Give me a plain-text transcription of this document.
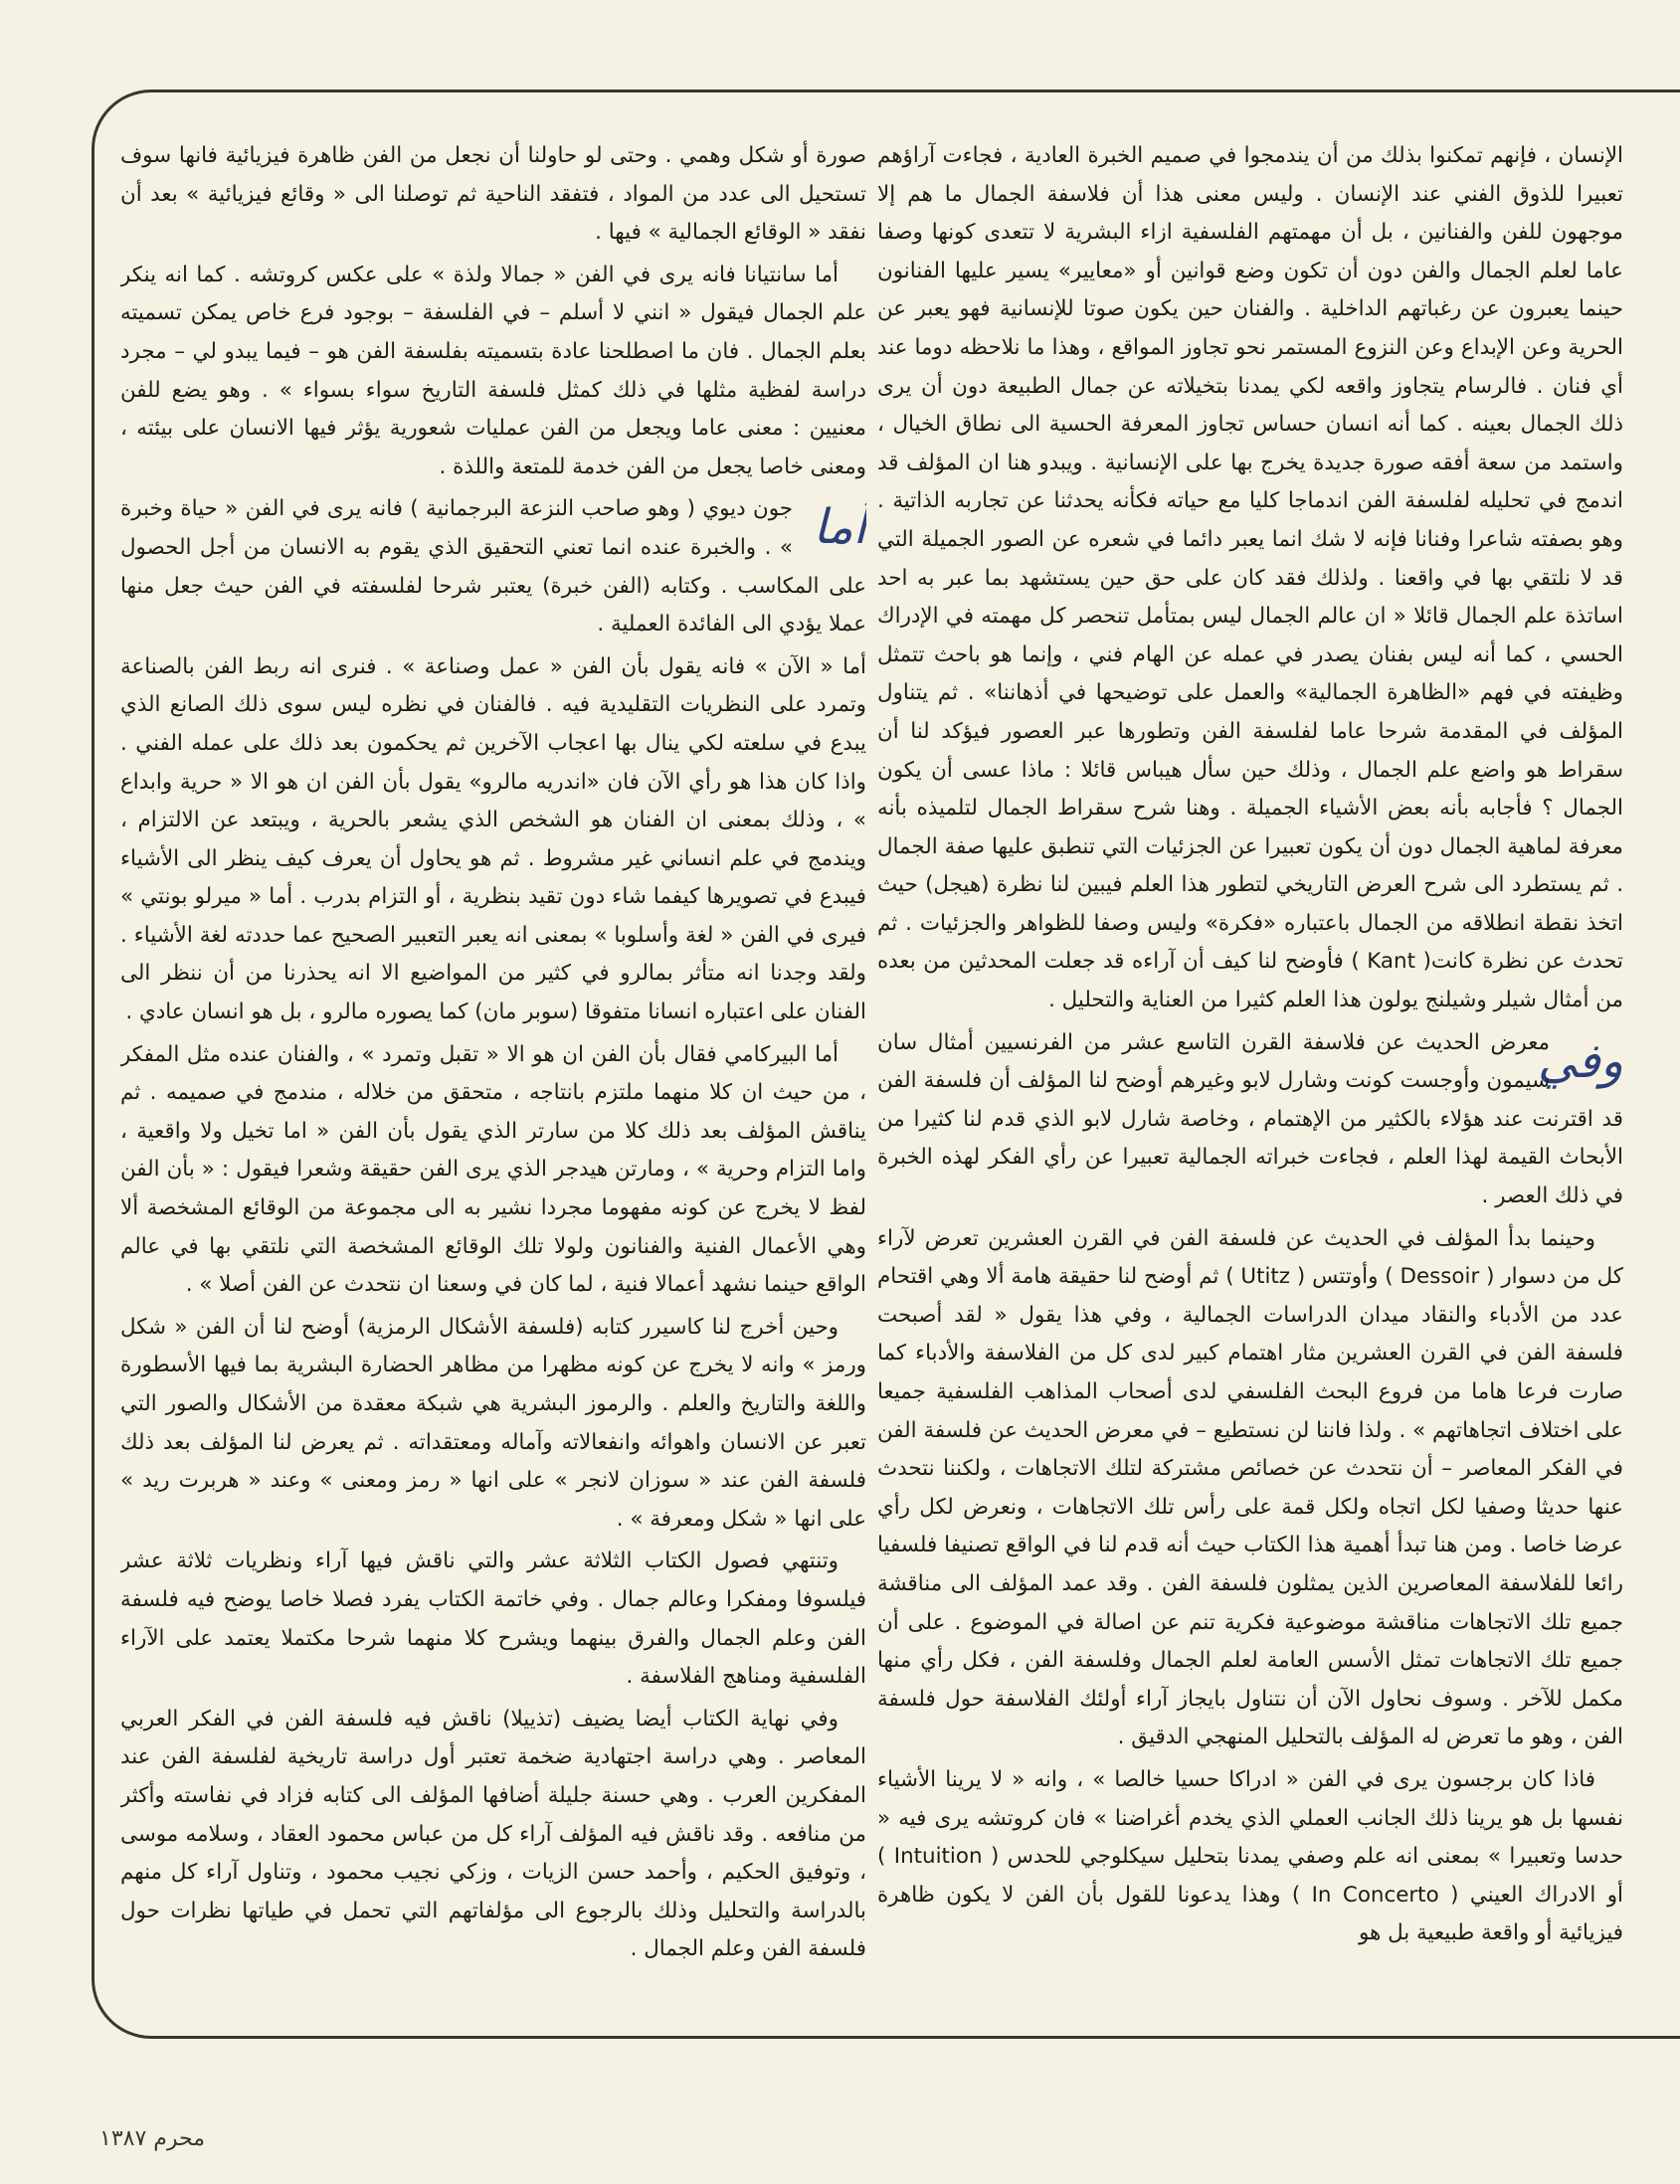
الإنسان ، فإنهم تمكنوا بذلك من أن يندمجوا في صميم الخبرة العادية ، فجاءت آراؤهم تعبيرا للذوق الفني عند الإنسان . وليس معنى هذا أن فلاسفة الجمال ما هم إلا موجهون للفن والفنانين ، بل أن مهمتهم الفلسفية ازاء البشرية لا تتعدى كونها وصفا عاما لعلم الجمال والفن دون أن تكون وضع قوانين أو «معايير» يسير عليها الفنانون حينما يعبرون عن رغباتهم الداخلية . والفنان حين يكون صوتا للإنسانية فهو يعبر عن الحرية وعن الإبداع وعن النزوع المستمر نحو تجاوز المواقع ، وهذا ما نلاحظه دوما عند أي فنان . فالرسام يتجاوز واقعه لكي يمدنا بتخيلاته عن جمال الطبيعة دون أن يرى ذلك الجمال بعينه . كما أنه انسان حساس تجاوز المعرفة الحسية الى نطاق الخيال ، واستمد من سعة أفقه صورة جديدة يخرج بها على الإنسانية . ويبدو هنا ان المؤلف قد اندمج في تحليله لفلسفة الفن اندماجا كليا مع حياته فكأنه يحدثنا عن تجاربه الذاتية . وهو بصفته شاعرا وفنانا فإنه لا شك انما يعبر دائما في شعره عن الصور الجميلة التي قد لا نلتقي بها في واقعنا . ولذلك فقد كان على حق حين يستشهد بما عبر به احد اساتذة علم الجمال قائلا « ان عالم الجمال ليس بمتأمل تنحصر كل مهمته في الإدراك الحسي ، كما أنه ليس بفنان يصدر في عمله عن الهام فني ، وإنما هو باحث تتمثل وظيفته في فهم «الظاهرة الجمالية» والعمل على توضيحها في أذهاننا» . ثم يتناول المؤلف في المقدمة شرحا عاما لفلسفة الفن وتطورها عبر العصور فيؤكد لنا أن سقراط هو واضع علم الجمال ، وذلك حين سأل هيباس قائلا : ماذا عسى أن يكون الجمال ؟ فأجابه بأنه بعض الأشياء الجميلة . وهنا شرح سقراط الجمال لتلميذه بأنه معرفة لماهية الجمال دون أن يكون تعبيرا عن الجزئيات التي تنطبق عليها صفة الجمال . ثم يستطرد الى شرح العرض التاريخي لتطور هذا العلم فيبين لنا نظرة (هيجل) حيث اتخذ نقطة انطلاقه من الجمال باعتباره «فكرة» وليس وصفا للظواهر والجزئيات . ثم تحدث عن نظرة كانت( Kant ) فأوضح لنا كيف أن آراءه قد جعلت المحدثين من بعده من أمثال شيلر وشيلنج يولون هذا العلم كثيرا من العناية والتحليل .

وفي
معرض الحديث عن فلاسفة القرن التاسع عشر من الفرنسيين أمثال سان سيمون وأوجست كونت وشارل لابو وغيرهم أوضح لنا المؤلف أن فلسفة الفن قد اقترنت عند هؤلاء بالكثير من الإهتمام ، وخاصة شارل لابو الذي قدم لنا كثيرا من الأبحاث القيمة لهذا العلم ، فجاءت خبراته الجمالية تعبيرا عن رأي الفكر لهذه الخبرة في ذلك العصر .

وحينما بدأ المؤلف في الحديث عن فلسفة الفن في القرن العشرين تعرض لآراء كل من دسوار ( Dessoir ) وأوتتس ( Utitz ) ثم أوضح لنا حقيقة هامة ألا وهي اقتحام عدد من الأدباء والنقاد ميدان الدراسات الجمالية ، وفي هذا يقول « لقد أصبحت فلسفة الفن في القرن العشرين مثار اهتمام كبير لدى كل من الفلاسفة والأدباء كما صارت فرعا هاما من فروع البحث الفلسفي لدى أصحاب المذاهب الفلسفية جميعا على اختلاف اتجاهاتهم » . ولذا فاننا لن نستطيع – في معرض الحديث عن فلسفة الفن في الفكر المعاصر – أن نتحدث عن خصائص مشتركة لتلك الاتجاهات ، ولكننا نتحدث عنها حديثا وصفيا لكل اتجاه ولكل قمة على رأس تلك الاتجاهات ، ونعرض لكل رأي عرضا خاصا . ومن هنا تبدأ أهمية هذا الكتاب حيث أنه قدم لنا في الواقع تصنيفا فلسفيا رائعا للفلاسفة المعاصرين الذين يمثلون فلسفة الفن . وقد عمد المؤلف الى مناقشة جميع تلك الاتجاهات مناقشة موضوعية فكرية تنم عن اصالة في الموضوع . على أن جميع تلك الاتجاهات تمثل الأسس العامة لعلم الجمال وفلسفة الفن ، فكل رأي منها مكمل للآخر . وسوف نحاول الآن أن نتناول بايجاز آراء أولئك الفلاسفة حول فلسفة الفن ، وهو ما تعرض له المؤلف بالتحليل المنهجي الدقيق .

فاذا كان برجسون يرى في الفن « ادراكا حسيا خالصا » ، وانه « لا يرينا الأشياء نفسها بل هو يرينا ذلك الجانب العملي الذي يخدم أغراضنا » فان كروتشه يرى فيه « حدسا وتعبيرا » بمعنى انه علم وصفي يمدنا بتحليل سيكلوجي للحدس ( Intuition ) أو الادراك العيني ( In Concerto ) وهذا يدعونا للقول بأن الفن لا يكون ظاهرة فيزيائية أو واقعة طبيعية بل هو

صورة أو شكل وهمي . وحتى لو حاولنا أن نجعل من الفن ظاهرة فيزيائية فانها سوف تستحيل الى عدد من المواد ، فتفقد الناحية ثم توصلنا الى « وقائع فيزيائية » بعد أن نفقد « الوقائع الجمالية » فيها .

أما سانتيانا فانه يرى في الفن « جمالا ولذة » على عكس كروتشه . كما انه ينكر علم الجمال فيقول « انني لا أسلم – في الفلسفة – بوجود فرع خاص يمكن تسميته بعلم الجمال . فان ما اصطلحنا عادة بتسميته بفلسفة الفن هو – فيما يبدو لي – مجرد دراسة لفظية مثلها في ذلك كمثل فلسفة التاريخ سواء بسواء » . وهو يضع للفن معنيين : معنى عاما ويجعل من الفن عمليات شعورية يؤثر فيها الانسان على بيئته ، ومعنى خاصا يجعل من الفن خدمة للمتعة واللذة .

أما
جون ديوي ( وهو صاحب النزعة البرجمانية ) فانه يرى في الفن « حياة وخبرة » . والخبرة عنده انما تعني التحقيق الذي يقوم به الانسان من أجل الحصول على المكاسب . وكتابه (الفن خبرة) يعتبر شرحا لفلسفته في الفن حيث جعل منها عملا يؤدي الى الفائدة العملية .

أما « الآن » فانه يقول بأن الفن « عمل وصناعة » . فنرى انه ربط الفن بالصناعة وتمرد على النظريات التقليدية فيه . فالفنان في نظره ليس سوى ذلك الصانع الذي يبدع في سلعته لكي ينال بها اعجاب الآخرين ثم يحكمون بعد ذلك على عمله الفني . واذا كان هذا هو رأي الآن فان «اندريه مالرو» يقول بأن الفن ان هو الا « حرية وابداع » ، وذلك بمعنى ان الفنان هو الشخص الذي يشعر بالحرية ، ويبتعد عن الالتزام ، ويندمج في علم انساني غير مشروط . ثم هو يحاول أن يعرف كيف ينظر الى الأشياء فيبدع في تصويرها كيفما شاء دون تقيد بنظرية ، أو التزام بدرب . أما « ميرلو بونتي » فيرى في الفن « لغة وأسلوبا » بمعنى انه يعبر التعبير الصحيح عما حددته لغة الأشياء . ولقد وجدنا انه متأثر بمالرو في كثير من المواضيع الا انه يحذرنا من أن ننظر الى الفنان على اعتباره انسانا متفوقا (سوبر مان) كما يصوره مالرو ، بل هو انسان عادي .

أما البيركامي فقال بأن الفن ان هو الا « تقبل وتمرد » ، والفنان عنده مثل المفكر ، من حيث ان كلا منهما ملتزم بانتاجه ، متحقق من خلاله ، مندمج في صميمه . ثم يناقش المؤلف بعد ذلك كلا من سارتر الذي يقول بأن الفن « اما تخيل ولا واقعية ، واما التزام وحرية » ، ومارتن هيدجر الذي يرى الفن حقيقة وشعرا فيقول : « بأن الفن لفظ لا يخرج عن كونه مفهوما مجردا نشير به الى مجموعة من الوقائع المشخصة ألا وهي الأعمال الفنية والفنانون ولولا تلك الوقائع المشخصة التي نلتقي بها في عالم الواقع حينما نشهد أعمالا فنية ، لما كان في وسعنا ان نتحدث عن الفن أصلا » .

وحين أخرج لنا كاسيرر كتابه (فلسفة الأشكال الرمزية) أوضح لنا أن الفن « شكل ورمز » وانه لا يخرج عن كونه مظهرا من مظاهر الحضارة البشرية بما فيها الأسطورة واللغة والتاريخ والعلم . والرموز البشرية هي شبكة معقدة من الأشكال والصور التي تعبر عن الانسان واهوائه وانفعالاته وآماله ومعتقداته . ثم يعرض لنا المؤلف بعد ذلك فلسفة الفن عند « سوزان لانجر » على انها « رمز ومعنى » وعند « هربرت ريد » على انها « شكل ومعرفة » .

وتنتهي فصول الكتاب الثلاثة عشر والتي ناقش فيها آراء ونظريات ثلاثة عشر فيلسوفا ومفكرا وعالم جمال . وفي خاتمة الكتاب يفرد فصلا خاصا يوضح فيه فلسفة الفن وعلم الجمال والفرق بينهما ويشرح كلا منهما شرحا مكتملا يعتمد على الآراء الفلسفية ومناهج الفلاسفة .

وفي نهاية الكتاب أيضا يضيف (تذييلا) ناقش فيه فلسفة الفن في الفكر العربي المعاصر . وهي دراسة اجتهادية ضخمة تعتبر أول دراسة تاريخية لفلسفة الفن عند المفكرين العرب . وهي حسنة جليلة أضافها المؤلف الى كتابه فزاد في نفاسته وأكثر من منافعه . وقد ناقش فيه المؤلف آراء كل من عباس محمود العقاد ، وسلامه موسى ، وتوفيق الحكيم ، وأحمد حسن الزيات ، وزكي نجيب محمود ، وتناول آراء كل منهم بالدراسة والتحليل وذلك بالرجوع الى مؤلفاتهم التي تحمل في طياتها نظرات حول فلسفة الفن وعلم الجمال .

محرم ١٣٨٧
